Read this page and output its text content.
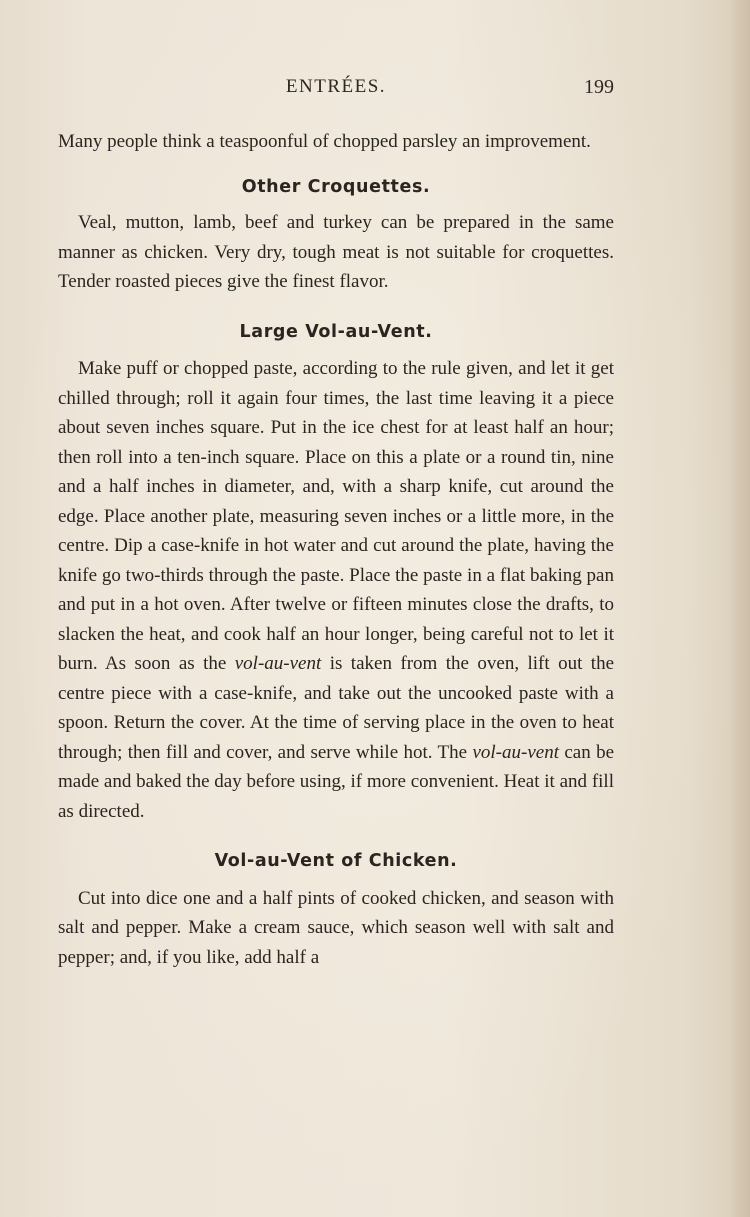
ENTRÉES.	199

Many people think a teaspoonful of chopped parsley an improvement.

Other Croquettes.

Veal, mutton, lamb, beef and turkey can be prepared in the same manner as chicken. Very dry, tough meat is not suitable for croquettes. Tender roasted pieces give the finest flavor.

Large Vol-au-Vent.

Make puff or chopped paste, according to the rule given, and let it get chilled through; roll it again four times, the last time leaving it a piece about seven inches square. Put in the ice chest for at least half an hour; then roll into a ten-inch square. Place on this a plate or a round tin, nine and a half inches in diameter, and, with a sharp knife, cut around the edge. Place another plate, measuring seven inches or a little more, in the centre. Dip a case-knife in hot water and cut around the plate, having the knife go two-thirds through the paste. Place the paste in a flat baking pan and put in a hot oven. After twelve or fifteen minutes close the drafts, to slacken the heat, and cook half an hour longer, being careful not to let it burn. As soon as the vol-au-vent is taken from the oven, lift out the centre piece with a case-knife, and take out the uncooked paste with a spoon. Return the cover. At the time of serving place in the oven to heat through; then fill and cover, and serve while hot. The vol-au-vent can be made and baked the day before using, if more convenient. Heat it and fill as directed.

Vol-au-Vent of Chicken.

Cut into dice one and a half pints of cooked chicken, and season with salt and pepper. Make a cream sauce, which season well with salt and pepper; and, if you like, add half a
